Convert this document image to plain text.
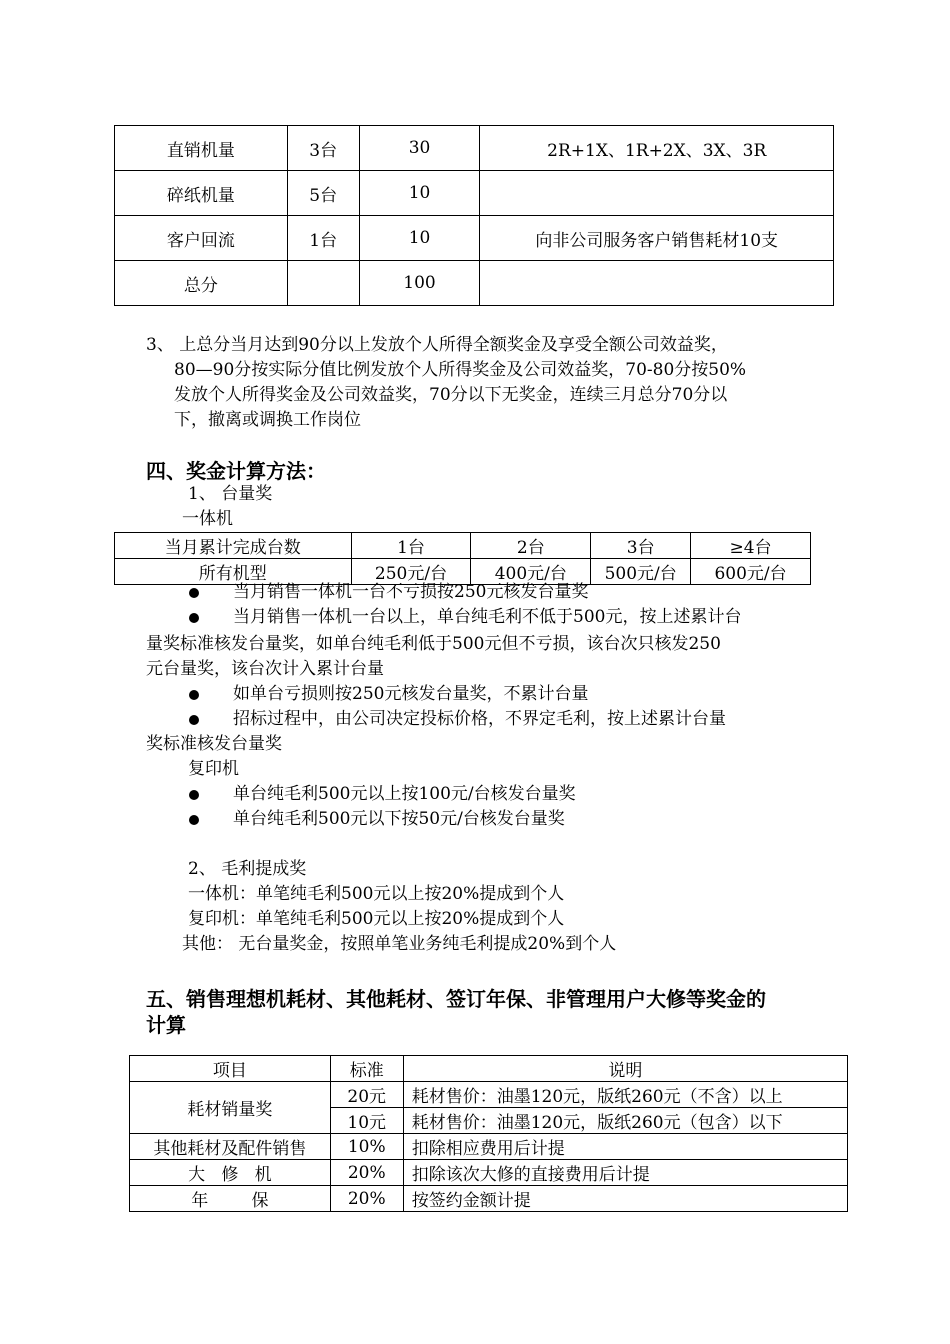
直销机量	3台	30	2R+1X、1R+2X、3X、3R
碎纸机量	5台	10	
客户回流	1台	10	向非公司服务客户销售耗材10支
总分		100	
3、 上总分当月达到90分以上发放个人所得全额奖金及享受全额公司效益奖，
80—90分按实际分值比例发放个人所得奖金及公司效益奖，70-80分按50%
发放个人所得奖金及公司效益奖，70分以下无奖金，连续三月总分70分以
下，撤离或调换工作岗位
四、奖金计算方法：
1、 台量奖
一体机
当月累计完成台数	1台	2台	3台	≥4台
所有机型	250元/台	400元/台	500元/台	600元/台
当月销售一体机一台不亏损按250元核发台量奖
当月销售一体机一台以上，单台纯毛利不低于500元，按上述累计台
量奖标准核发台量奖，如单台纯毛利低于500元但不亏损，该台次只核发250
元台量奖，该台次计入累计台量
如单台亏损则按250元核发台量奖，不累计台量
招标过程中，由公司决定投标价格，不界定毛利，按上述累计台量
奖标准核发台量奖
复印机
单台纯毛利500元以上按100元/台核发台量奖
单台纯毛利500元以下按50元/台核发台量奖
2、 毛利提成奖
一体机：单笔纯毛利500元以上按20%提成到个人
复印机：单笔纯毛利500元以上按20%提成到个人
其他： 无台量奖金，按照单笔业务纯毛利提成20%到个人
五、销售理想机耗材、其他耗材、签订年保、非管理用户大修等奖金的
计算
项目	标准	说明
耗材销量奖	20元	耗材售价：油墨120元，版纸260元（不含）以上
	10元	耗材售价：油墨120元，版纸260元（包含）以下
其他耗材及配件销售	10%	扣除相应费用后计提
大   修   机	20%	扣除该次大修的直接费用后计提
年        保	20%	按签约金额计提
